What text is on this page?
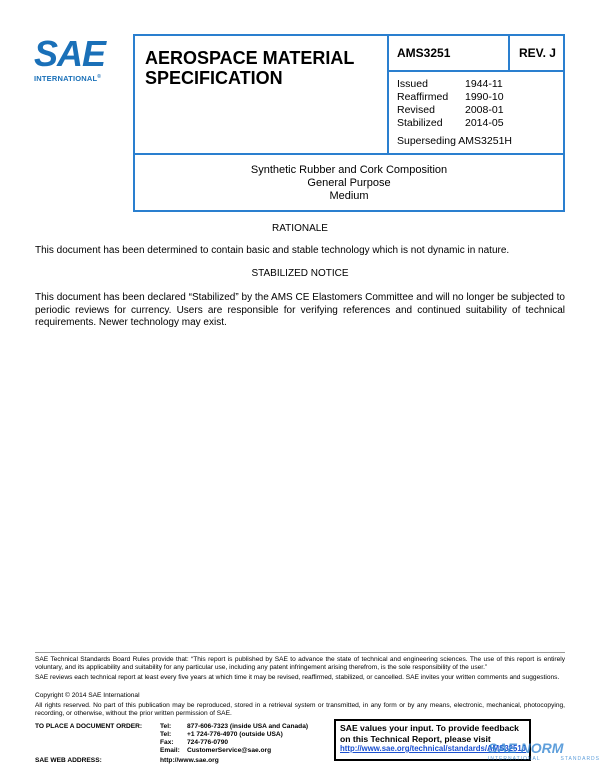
SAE
INTERNATIONAL®
AEROSPACE MATERIAL
SPECIFICATION
AMS3251	REV. J
Issued	1944-11
Reaffirmed	1990-10
Revised	2008-01
Stabilized	2014-05
Superseding AMS3251H
Synthetic Rubber and Cork Composition
General Purpose
Medium
RATIONALE
This document has been determined to contain basic and stable technology which is not dynamic in nature.
STABILIZED NOTICE
This document has been declared “Stabilized” by the AMS CE Elastomers Committee and will no longer be subjected to periodic reviews for currency. Users are responsible for verifying references and continued suitability of technical requirements. Newer technology may exist.
SAE Technical Standards Board Rules provide that: “This report is published by SAE to advance the state of technical and engineering sciences. The use of this report is entirely voluntary, and its applicability and suitability for any particular use, including any patent infringement arising therefrom, is the sole responsibility of the user.”
SAE reviews each technical report at least every five years at which time it may be revised, reaffirmed, stabilized, or cancelled. SAE invites your written comments and suggestions.
Copyright © 2014 SAE International
All rights reserved. No part of this publication may be reproduced, stored in a retrieval system or transmitted, in any form or by any means, electronic, mechanical, photocopying, recording, or otherwise, without the prior written permission of SAE.
TO PLACE A DOCUMENT ORDER:	Tel:	877-606-7323 (inside USA and Canada)
Tel:	+1 724-776-4970 (outside USA)
Fax:	724-776-0790
Email:	CustomerService@sae.org
SAE WEB ADDRESS:	http://www.sae.org
SAE values your input. To provide feedback
on this Technical Report, please visit
http://www.sae.org/technical/standards/AMS3251J
SAE NORM
INTERNATIONAL	STANDARDS
